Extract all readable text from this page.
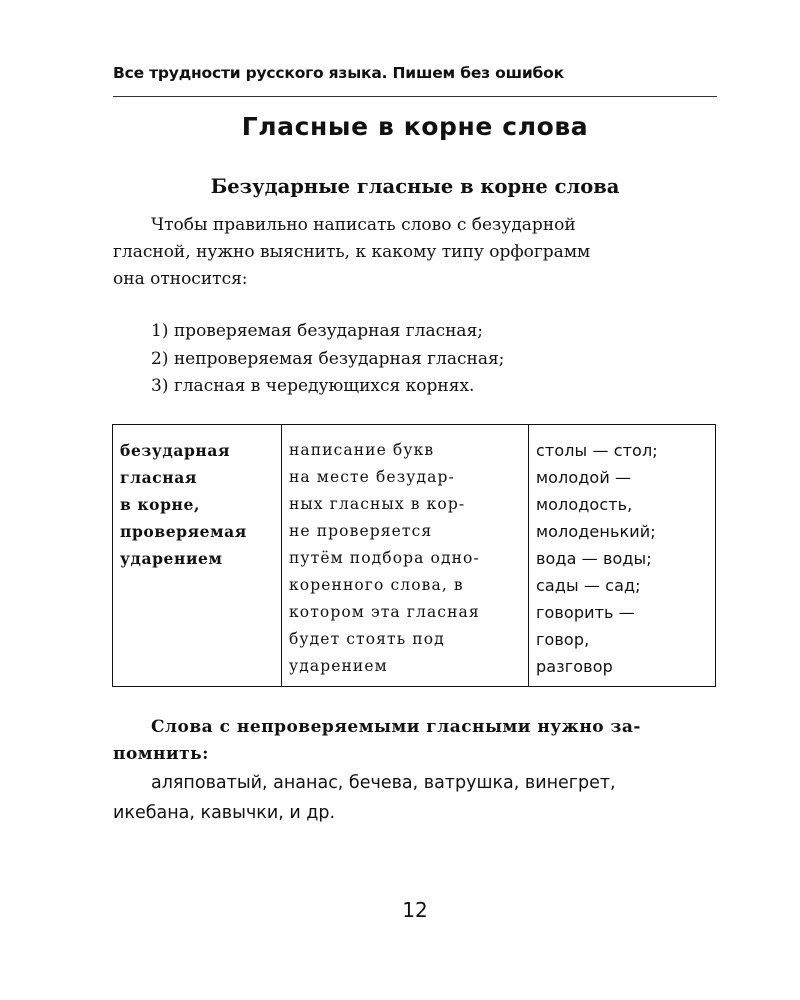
Все трудности русского языка. Пишем без ошибок
Гласные в корне слова
Безударные гласные в корне слова

Чтобы правильно написать слово с безударной
гласной, нужно выяснить, к какому типу орфограмм
она относится:

1) проверяемая безударная гласная;
2) непроверяемая безударная гласная;
3) гласная в чередующихся корнях.
безударная
гласная
в корне,
проверяемая
ударением

написание букв
на месте безудар-
ных гласных в кор-
не проверяется
путём подбора одно-
коренного слова, в
котором эта гласная
будет стоять под
ударением

столы — стол;
молодой —
молодость,
молоденький;
вода — воды;
сады — сад;
говорить —
говор,
разговор

Слова с непроверяемыми гласными нужно за-
помнить:

аляповатый, ананас, бечева, ватрушка, винегрет,
икебана, кавычки, и др.

12
